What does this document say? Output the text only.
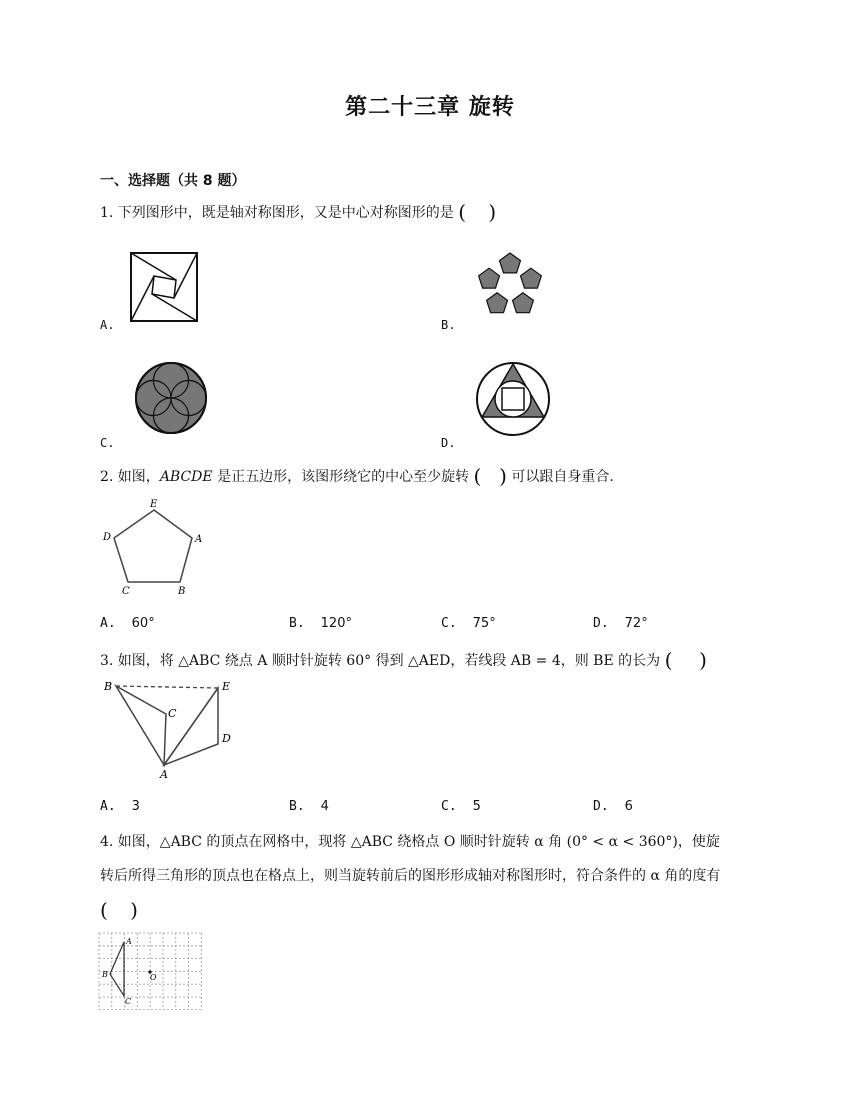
第二十三章 旋转
一、选择题（共 8 题）
1. 下列图形中，既是轴对称图形，又是中心对称图形的是 ( )
A.	B.
C.	D.
2. 如图，ABCDE 是正五边形，该图形绕它的中心至少旋转 ( ) 可以跟自身重合.
E
A
B
C
D
A. 60°	B. 120°	C. 75°	D. 72°
3. 如图，将 △ABC 绕点 A 顺时针旋转 60° 得到 △AED，若线段 AB = 4，则 BE 的长为 ( )
B	E
C
D
A
A. 3	B. 4	C. 5	D. 6
4. 如图，△ABC 的顶点在网格中，现将 △ABC 绕格点 O 顺时针旋转 α 角 (0° < α < 360°)，使旋
转后所得三角形的顶点也在格点上，则当旋转前后的图形形成轴对称图形时，符合条件的 α 角的度有
( )
A
B
C
O
